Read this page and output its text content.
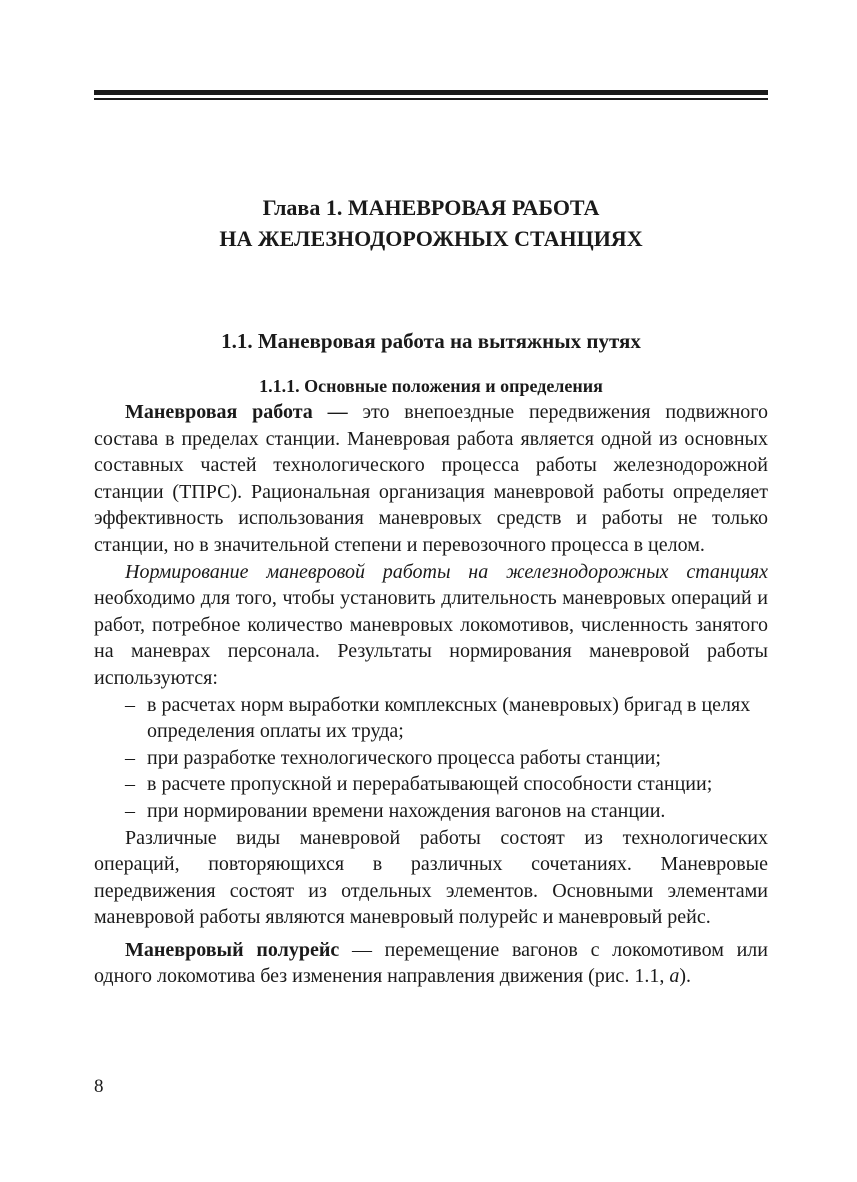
Глава 1. МАНЕВРОВАЯ РАБОТА
НА ЖЕЛЕЗНОДОРОЖНЫХ СТАНЦИЯХ
1.1. Маневровая работа на вытяжных путях
1.1.1. Основные положения и определения

Маневровая работа — это внепоездные передвижения подвижного состава в пределах станции. Маневровая работа является одной из основных составных частей технологического процесса работы железнодорожной станции (ТПРС). Рациональная организация маневровой работы определяет эффективность использования маневровых средств и работы не только станции, но в значительной степени и перевозочного процесса в целом.

Нормирование маневровой работы на железнодорожных станциях необходимо для того, чтобы установить длительность маневровых операций и работ, потребное количество маневровых локомотивов, численность занятого на маневрах персонала. Результаты нормирования маневровой работы используются:

– в расчетах норм выработки комплексных (маневровых) бригад в целях определения оплаты их труда;
– при разработке технологического процесса работы станции;
– в расчете пропускной и перерабатывающей способности станции;
– при нормировании времени нахождения вагонов на станции.

Различные виды маневровой работы состоят из технологических операций, повторяющихся в различных сочетаниях. Маневровые передвижения состоят из отдельных элементов. Основными элементами маневровой работы являются маневровый полурейс и маневровый рейс.

Маневровый полурейс — перемещение вагонов с локомотивом или одного локомотива без изменения направления движения (рис. 1.1, а).

8
